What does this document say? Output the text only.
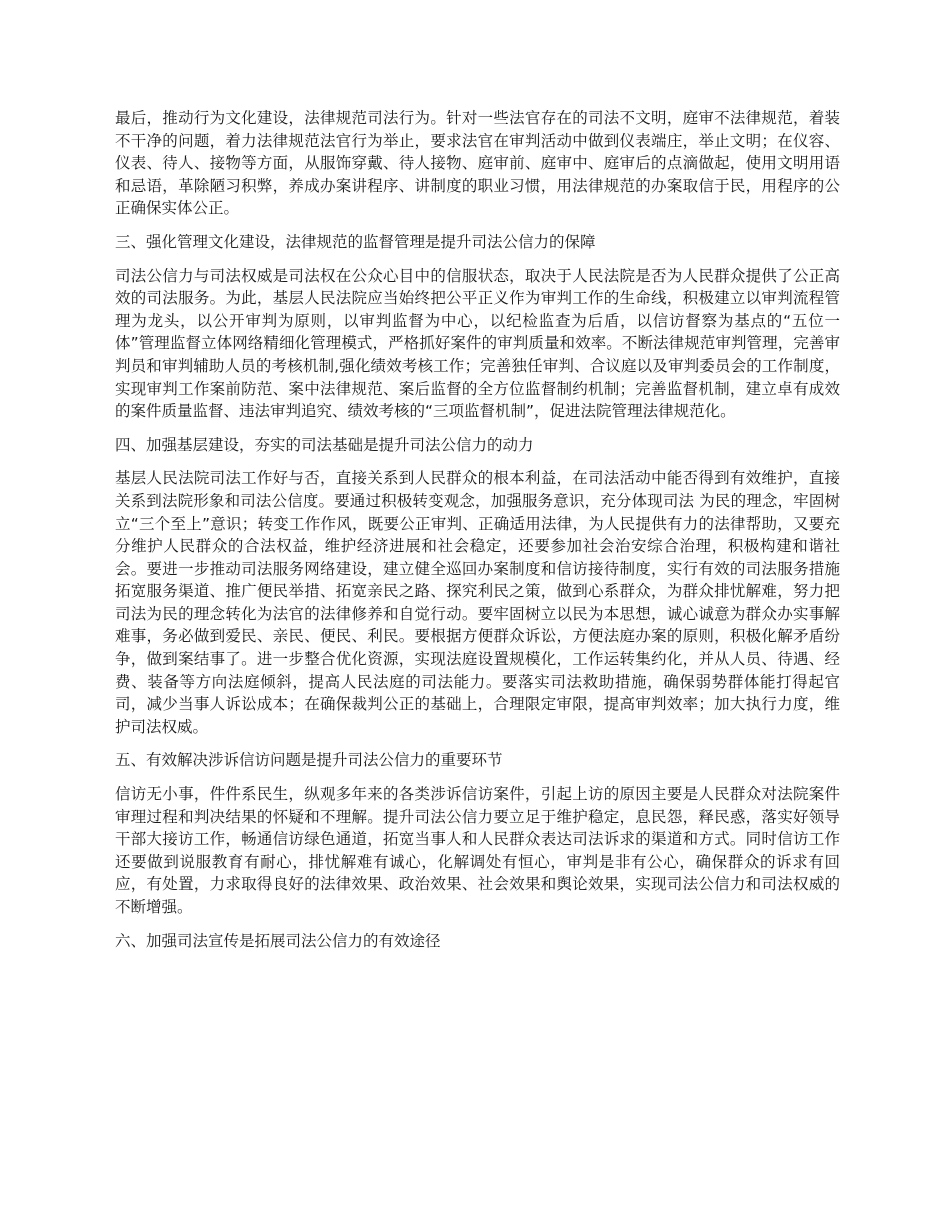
最后，推动行为文化建设，法律规范司法行为。针对一些法官存在的司法不文明，庭审不法律规范，着装不干净的问题，着力法律规范法官行为举止，要求法官在审判活动中做到仪表端庄，举止文明；在仪容、仪表、待人、接物等方面，从服饰穿戴、待人接物、庭审前、庭审中、庭审后的点滴做起，使用文明用语和忌语，革除陋习积弊，养成办案讲程序、讲制度的职业习惯，用法律规范的办案取信于民，用程序的公正确保实体公正。

三、强化管理文化建设，法律规范的监督管理是提升司法公信力的保障

司法公信力与司法权威是司法权在公众心目中的信服状态，取决于人民法院是否为人民群众提供了公正高效的司法服务。为此，基层人民法院应当始终把公平正义作为审判工作的生命线，积极建立以审判流程管理为龙头，以公开审判为原则，以审判监督为中心，以纪检监查为后盾，以信访督察为基点的“五位一体”管理监督立体网络精细化管理模式，严格抓好案件的审判质量和效率。不断法律规范审判管理，完善审判员和审判辅助人员的考核机制,强化绩效考核工作；完善独任审判、合议庭以及审判委员会的工作制度，实现审判工作案前防范、案中法律规范、案后监督的全方位监督制约机制；完善监督机制，建立卓有成效的案件质量监督、违法审判追究、绩效考核的“三项监督机制”，促进法院管理法律规范化。

四、加强基层建设，夯实的司法基础是提升司法公信力的动力

基层人民法院司法工作好与否，直接关系到人民群众的根本利益，在司法活动中能否得到有效维护，直接关系到法院形象和司法公信度。要通过积极转变观念，加强服务意识，充分体现司法 为民的理念，牢固树立“三个至上”意识；转变工作作风，既要公正审判、正确适用法律，为人民提供有力的法律帮助，又要充分维护人民群众的合法权益，维护经济进展和社会稳定，还要参加社会治安综合治理，积极构建和谐社会。要进一步推动司法服务网络建设，建立健全巡回办案制度和信访接待制度，实行有效的司法服务措施拓宽服务渠道、推广便民举措、拓宽亲民之路、探究利民之策，做到心系群众，为群众排忧解难，努力把司法为民的理念转化为法官的法律修养和自觉行动。要牢固树立以民为本思想，诚心诚意为群众办实事解难事，务必做到爱民、亲民、便民、利民。要根据方便群众诉讼，方便法庭办案的原则，积极化解矛盾纷争，做到案结事了。进一步整合优化资源，实现法庭设置规模化，工作运转集约化，并从人员、待遇、经费、装备等方向法庭倾斜，提高人民法庭的司法能力。要落实司法救助措施，确保弱势群体能打得起官司，减少当事人诉讼成本；在确保裁判公正的基础上，合理限定审限，提高审判效率；加大执行力度，维护司法权威。

五、有效解决涉诉信访问题是提升司法公信力的重要环节

信访无小事，件件系民生，纵观多年来的各类涉诉信访案件，引起上访的原因主要是人民群众对法院案件审理过程和判决结果的怀疑和不理解。提升司法公信力要立足于维护稳定，息民怨，释民惑，落实好领导干部大接访工作，畅通信访绿色通道，拓宽当事人和人民群众表达司法诉求的渠道和方式。同时信访工作还要做到说服教育有耐心，排忧解难有诚心，化解调处有恒心，审判是非有公心，确保群众的诉求有回应，有处置，力求取得良好的法律效果、政治效果、社会效果和舆论效果，实现司法公信力和司法权威的不断增强。

六、加强司法宣传是拓展司法公信力的有效途径
